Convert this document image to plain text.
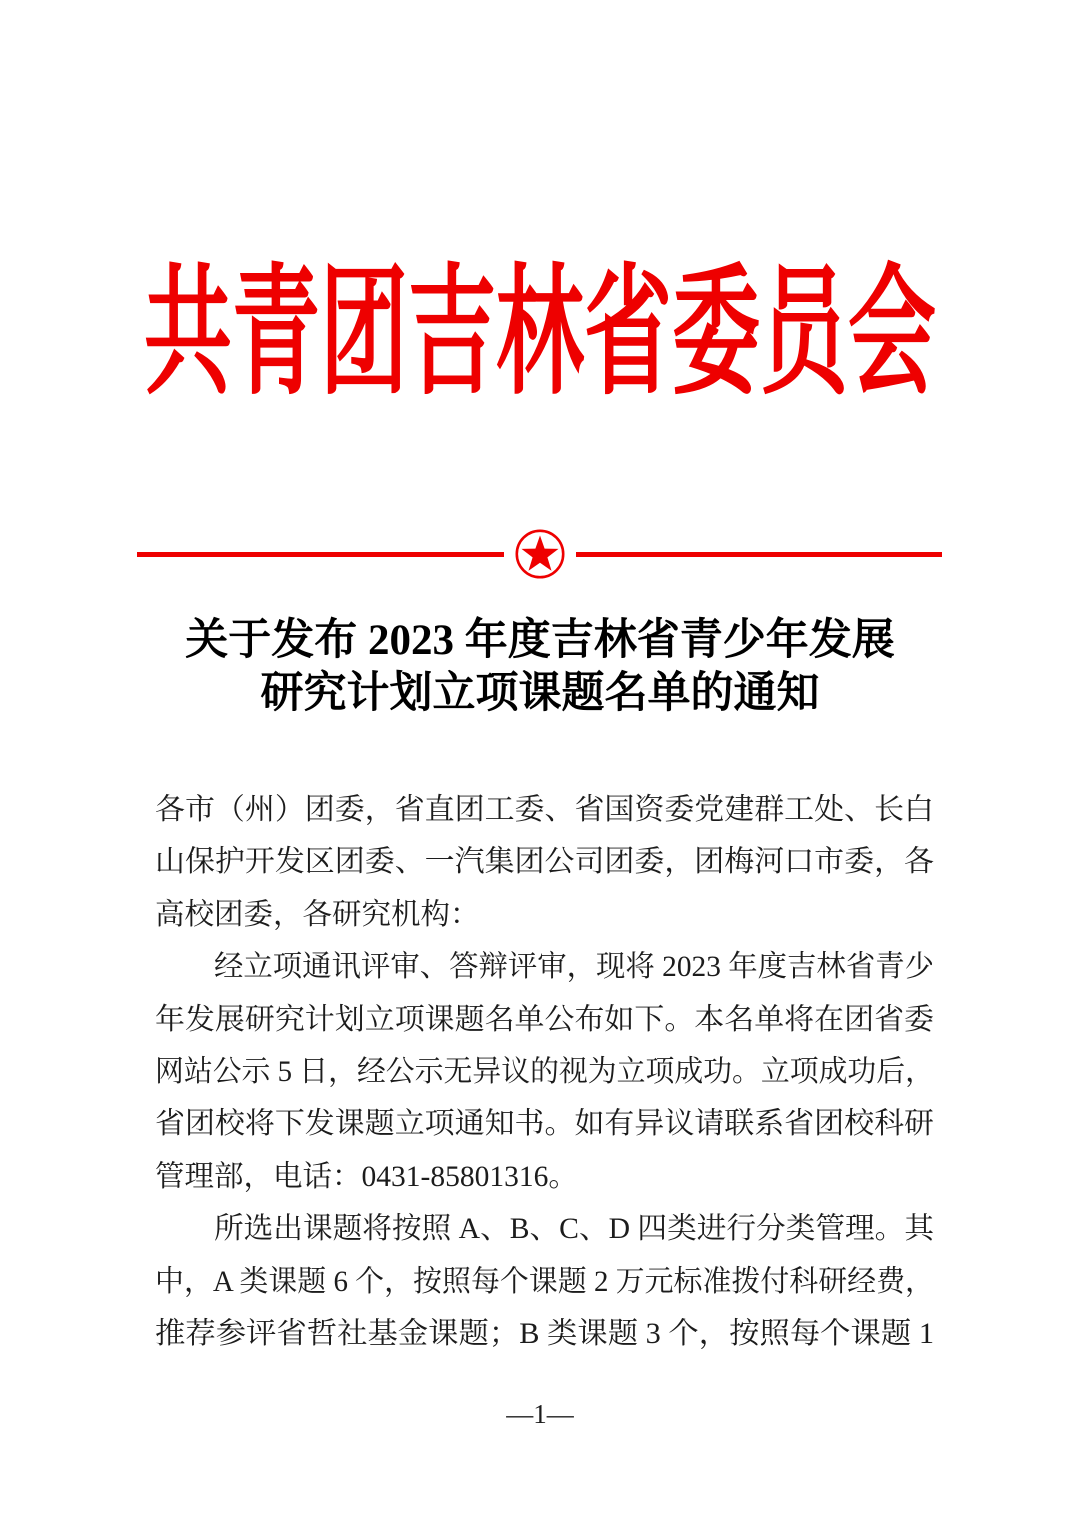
共青团吉林省委员会
关于发布 2023 年度吉林省青少年发展
研究计划立项课题名单的通知
各市（州）团委，省直团工委、省国资委党建群工处、长白
山保护开发区团委、一汽集团公司团委，团梅河口市委，各
高校团委，各研究机构：
经立项通讯评审、答辩评审，现将 2023 年度吉林省青少
年发展研究计划立项课题名单公布如下。本名单将在团省委
网站公示 5 日，经公示无异议的视为立项成功。立项成功后，
省团校将下发课题立项通知书。如有异议请联系省团校科研
管理部，电话：0431-85801316。
所选出课题将按照 A、B、C、D 四类进行分类管理。其
中，A 类课题 6 个，按照每个课题 2 万元标准拨付科研经费，
推荐参评省哲社基金课题；B 类课题 3 个，按照每个课题 1
—1—
